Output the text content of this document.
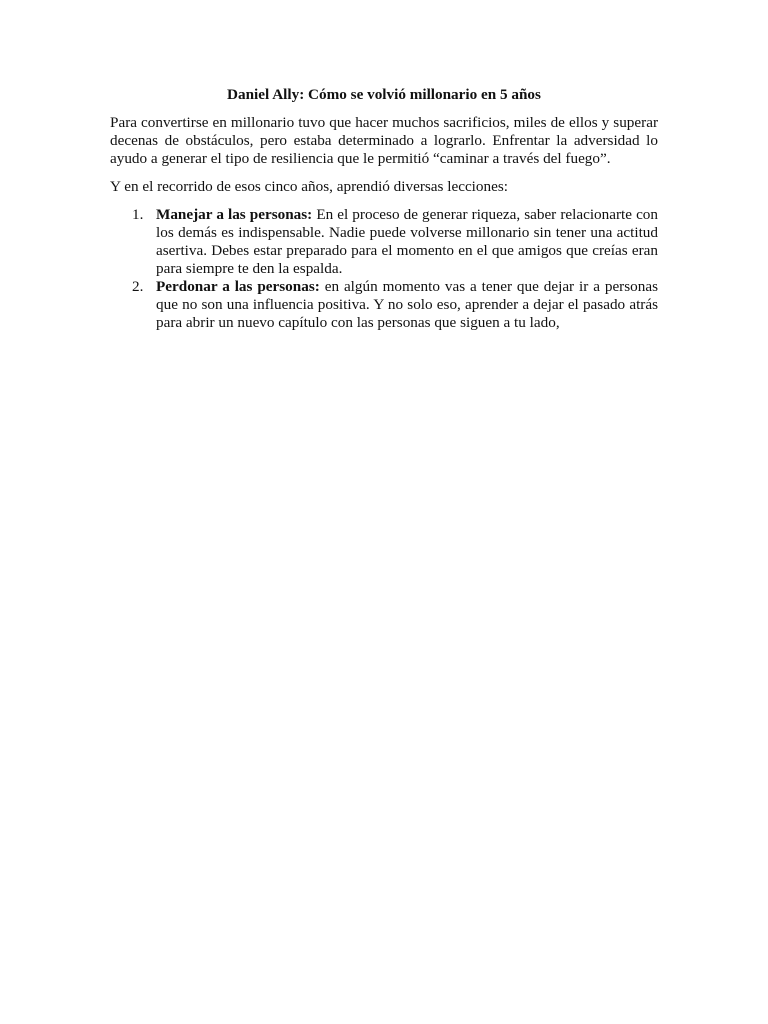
Daniel Ally: Cómo se volvió millonario en 5 años

Para convertirse en millonario tuvo que hacer muchos sacrificios, miles de ellos y superar decenas de obstáculos, pero estaba determinado a lograrlo. Enfrentar la adversidad lo ayudo a generar el tipo de resiliencia que le permitió “caminar a través del fuego”.

Y en el recorrido de esos cinco años, aprendió diversas lecciones:

1. Manejar a las personas: En el proceso de generar riqueza, saber relacionarte con los demás es indispensable. Nadie puede volverse millonario sin tener una actitud asertiva. Debes estar preparado para el momento en el que amigos que creías eran para siempre te den la espalda.
2. Perdonar a las personas: en algún momento vas a tener que dejar ir a personas que no son una influencia positiva. Y no solo eso, aprender a dejar el pasado atrás para abrir un nuevo capítulo con las personas que siguen a tu lado,
